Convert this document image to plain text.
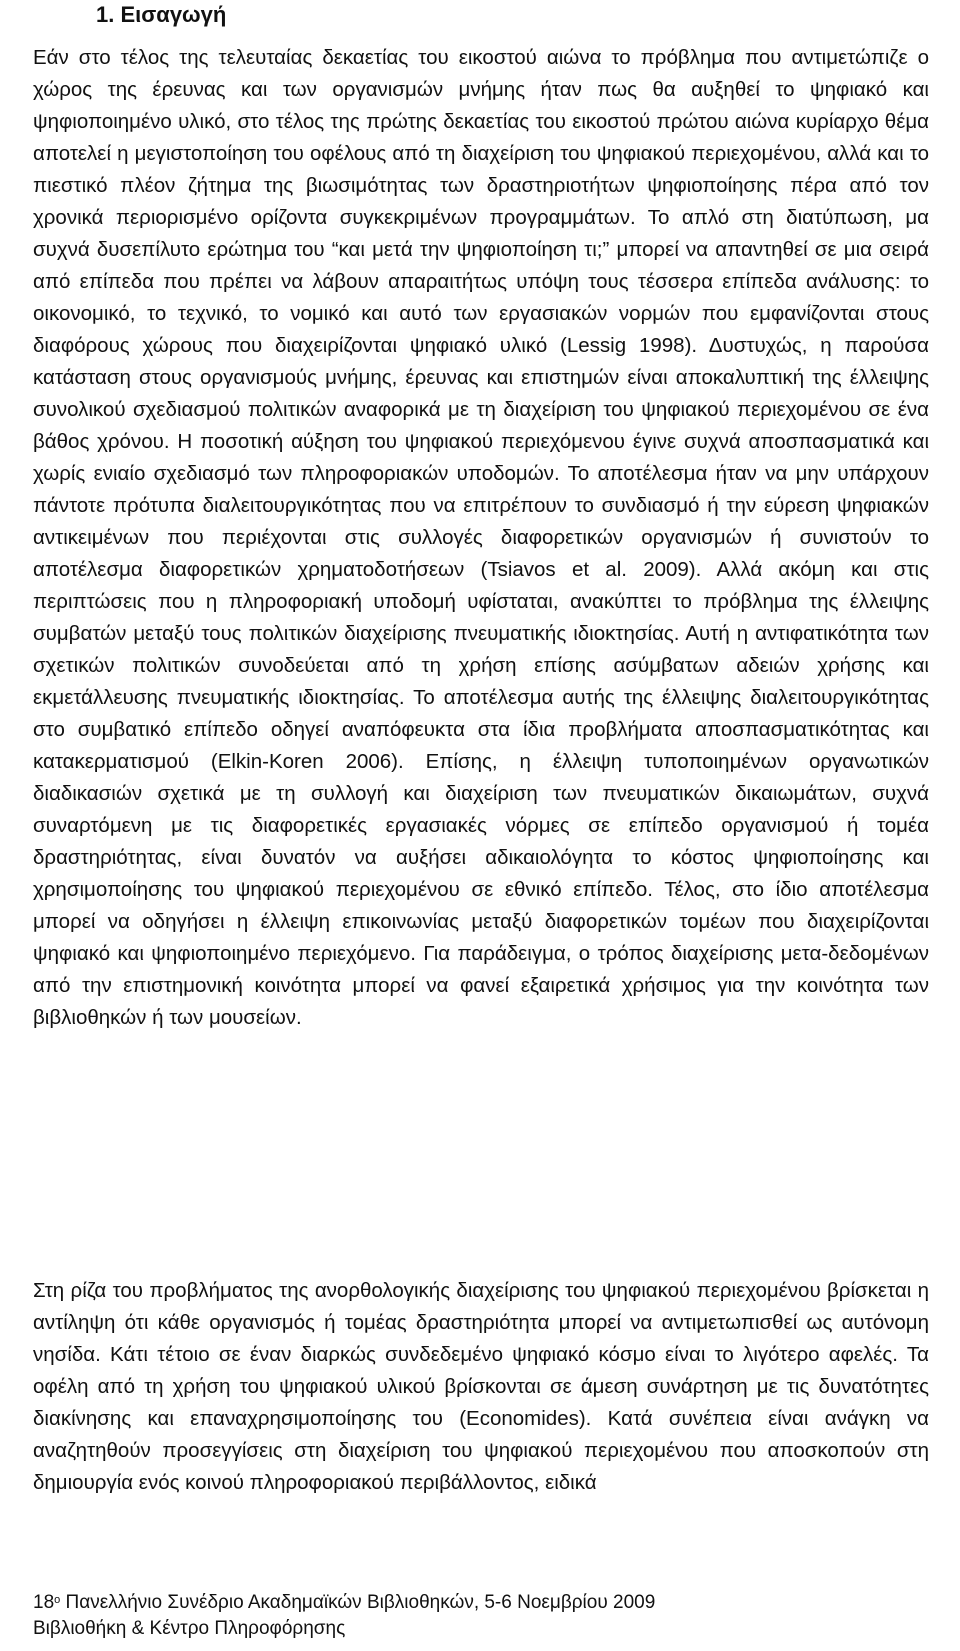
1. Εισαγωγή

Εάν στο τέλος της τελευταίας δεκαετίας του εικοστού αιώνα το πρόβλημα που αντιμετώπιζε ο χώρος της έρευνας και των οργανισμών μνήμης ήταν πως θα αυξηθεί το ψηφιακό και ψηφιοποιημένο υλικό, στο τέλος της πρώτης δεκαετίας του εικοστού πρώτου αιώνα κυρίαρχο θέμα αποτελεί η μεγιστοποίηση του οφέλους από τη διαχείριση του ψηφιακού περιεχομένου, αλλά και το πιεστικό πλέον ζήτημα της βιωσιμότητας των δραστηριοτήτων ψηφιοποίησης πέρα από τον χρονικά περιορισμένο ορίζοντα συγκεκριμένων προγραμμάτων. Το απλό στη διατύπωση, μα συχνά δυσεπίλυτο ερώτημα του “και μετά την ψηφιοποίηση τι;” μπορεί να απαντηθεί σε μια σειρά από επίπεδα που πρέπει να λάβουν απαραιτήτως υπόψη τους τέσσερα επίπεδα ανάλυσης: το οικονομικό, το τεχνικό, το νομικό και αυτό των εργασιακών νορμών που εμφανίζονται στους διαφόρους χώρους που διαχειρίζονται ψηφιακό υλικό (Lessig 1998). Δυστυχώς, η παρούσα κατάσταση στους οργανισμούς μνήμης, έρευνας και επιστημών είναι αποκαλυπτική της έλλειψης συνολικού σχεδιασμού πολιτικών αναφορικά με τη διαχείριση του ψηφιακού περιεχομένου σε ένα βάθος χρόνου. Η ποσοτική αύξηση του ψηφιακού περιεχόμενου έγινε συχνά αποσπασματικά και χωρίς ενιαίο σχεδιασμό των πληροφοριακών υποδομών. Το αποτέλεσμα ήταν να μην υπάρχουν πάντοτε πρότυπα διαλειτουργικότητας που να επιτρέπουν το συνδιασμό ή την εύρεση ψηφιακών αντικειμένων που περιέχονται στις συλλογές διαφορετικών οργανισμών ή συνιστούν το αποτέλεσμα διαφορετικών χρηματοδοτήσεων (Tsiavos et al. 2009). Αλλά ακόμη και στις περιπτώσεις που η πληροφοριακή υποδομή υφίσταται, ανακύπτει το πρόβλημα της έλλειψης συμβατών μεταξύ τους πολιτικών διαχείρισης πνευματικής ιδιοκτησίας. Αυτή η αντιφατικότητα των σχετικών πολιτικών συνοδεύεται από τη χρήση επίσης ασύμβατων αδειών χρήσης και εκμετάλλευσης πνευματικής ιδιοκτησίας. Το αποτέλεσμα αυτής της έλλειψης διαλειτουργικότητας στο συμβατικό επίπεδο οδηγεί αναπόφευκτα στα ίδια προβλήματα αποσπασματικότητας και κατακερματισμού (Elkin-Koren 2006). Επίσης, η έλλειψη τυποποιημένων οργανωτικών διαδικασιών σχετικά με τη συλλογή και διαχείριση των πνευματικών δικαιωμάτων, συχνά συναρτόμενη με τις διαφορετικές εργασιακές νόρμες σε επίπεδο οργανισμού ή τομέα δραστηριότητας, είναι δυνατόν να αυξήσει αδικαιολόγητα το κόστος ψηφιοποίησης και χρησιμοποίησης του ψηφιακού περιεχομένου σε εθνικό επίπεδο. Τέλος, στο ίδιο αποτέλεσμα μπορεί να οδηγήσει η έλλειψη επικοινωνίας μεταξύ διαφορετικών τομέων που διαχειρίζονται ψηφιακό και ψηφιοποιημένο περιεχόμενο. Για παράδειγμα, ο τρόπος διαχείρισης μετα-δεδομένων από την επιστημονική κοινότητα μπορεί να φανεί εξαιρετικά χρήσιμος για την κοινότητα των βιβλιοθηκών ή των μουσείων.

Στη ρίζα του προβλήματος της ανορθολογικής διαχείρισης του ψηφιακού περιεχομένου βρίσκεται η αντίληψη ότι κάθε οργανισμός ή τομέας δραστηριότητα μπορεί να αντιμετωπισθεί ως αυτόνομη νησίδα. Κάτι τέτοιο σε έναν διαρκώς συνδεδεμένο ψηφιακό κόσμο είναι το λιγότερο αφελές. Τα οφέλη από τη χρήση του ψηφιακού υλικού βρίσκονται σε άμεση συνάρτηση με τις δυνατότητες διακίνησης και επαναχρησιμοποίησης του (Economides). Κατά συνέπεια είναι ανάγκη να αναζητηθούν προσεγγίσεις στη διαχείριση του ψηφιακού περιεχομένου που αποσκοπούν στη δημιουργία ενός κοινού πληροφοριακού περιβάλλοντος, ειδικά

$18^o$ Πανελλήνιο Συνέδριο Ακαδημαϊκών Βιβλιοθηκών, 5-6 Νοεμβρίου 2009
Βιβλιοθήκη & Κέντρο Πληροφόρησης
